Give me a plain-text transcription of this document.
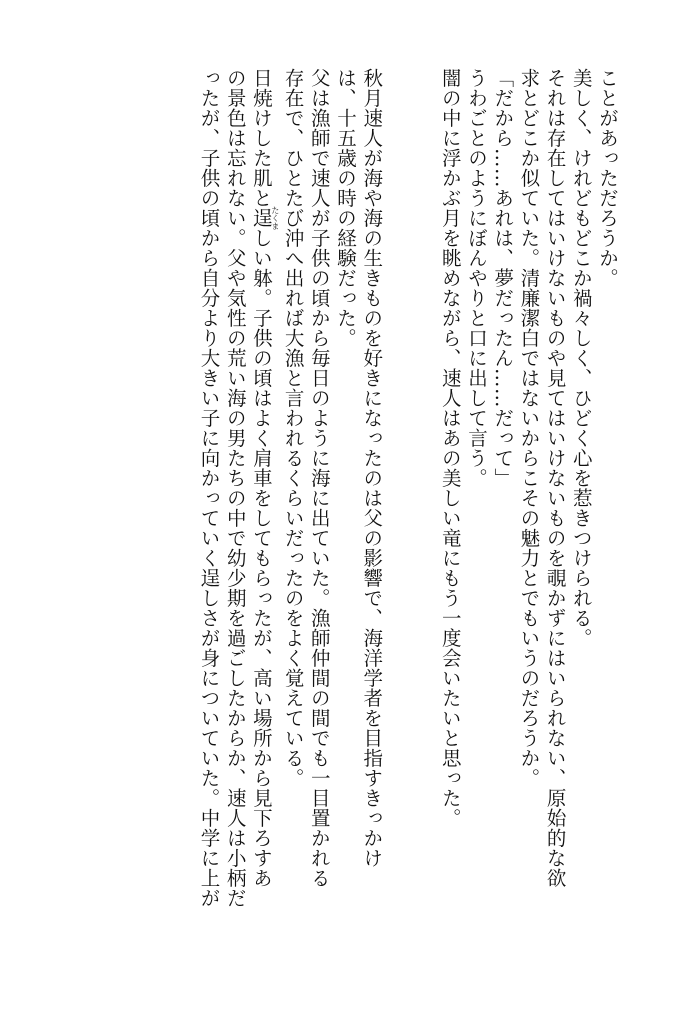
ことがあっただろうか。
美しく、けれどもどこか禍々しく、ひどく心を惹きつけられる。
それは存在してはいけないものや見てはいけないものを覗かずにはいられない、原始的な欲
求とどこか似ていた。清廉潔白ではないからこその魅力とでもいうのだろうか。
「だから……あれは、夢だったん……だって」
うわごとのようにぼんやりと口に出して言う。
闇の中に浮かぶ月を眺めながら、速人はあの美しい竜にもう一度会いたいと思った。
秋月速人が海や海の生きものを好きになったのは父の影響で、海洋学者を目指すきっかけ
は、十五歳の時の経験だった。
父は漁師で速人が子供の頃から毎日のように海に出ていた。漁師仲間の間でも一目置かれる
存在で、ひとたび沖へ出れば大漁と言われるくらいだったのをよく覚えている。
日焼けした肌と逞たくましい躰。子供の頃はよく肩車をしてもらったが、高い場所から見下ろすあ
の景色は忘れない。父や気性の荒い海の男たちの中で幼少期を過ごしたからか、速人は小柄だ
ったが、子供の頃から自分より大きい子に向かっていく逞しさが身についていた。中学に上が
